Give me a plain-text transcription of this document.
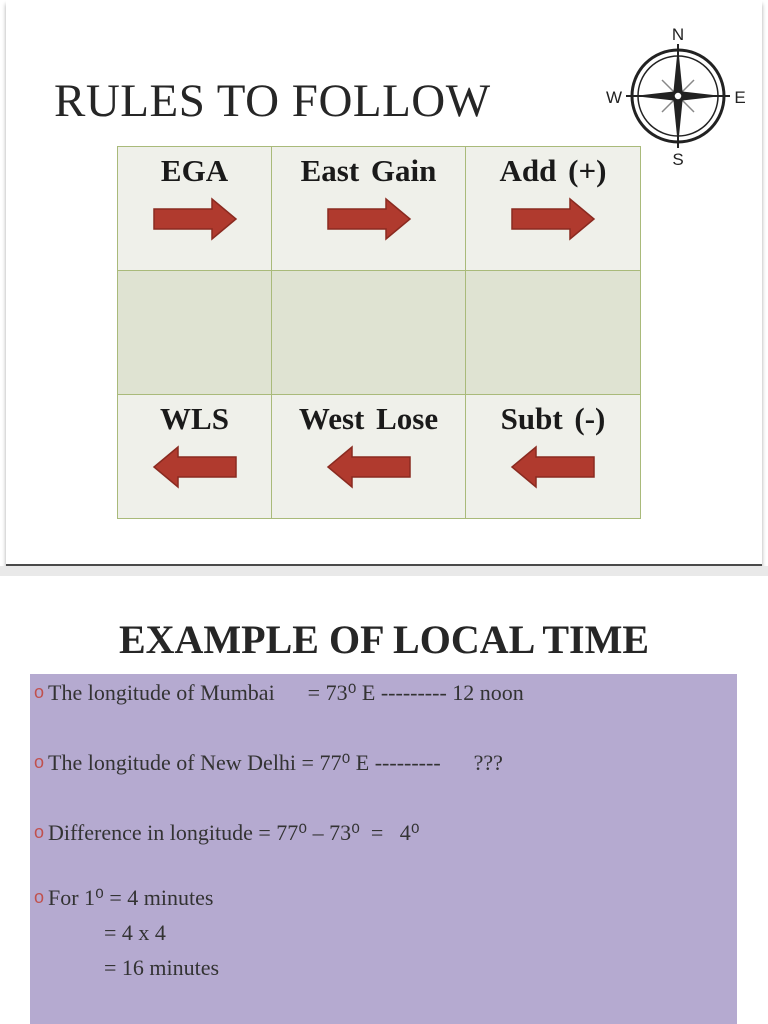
RULES TO FOLLOW
N
S
E
W
EGA	East Gain	Add (+)

WLS	West Lose	Subt (-)
EXAMPLE OF LOCAL TIME
o The longitude of Mumbai      = 73⁰ E --------- 12 noon
o The longitude of New Delhi = 77⁰ E ---------      ???
o Difference in longitude = 77⁰ – 73⁰  =   4⁰
o For 1⁰ = 4 minutes
= 4 x 4
= 16 minutes
